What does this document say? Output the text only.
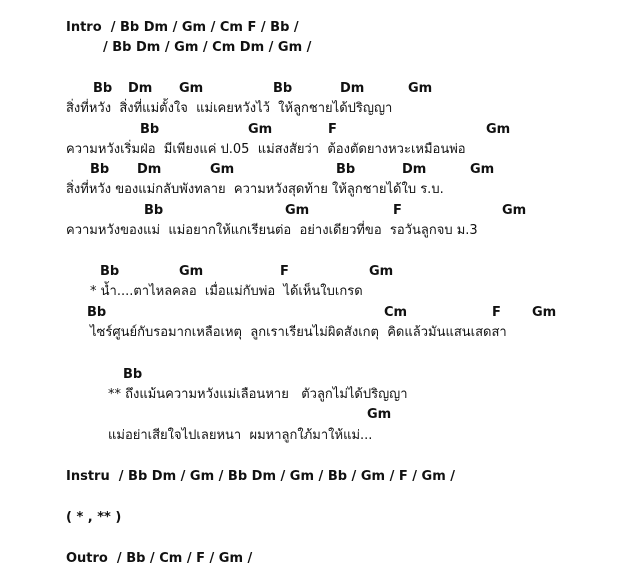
Intro  / Bb Dm / Gm / Cm F / Bb /
/ Bb Dm / Gm / Cm Dm / Gm /
Bb Dm Gm	Bb	Dm	Gm
สิ่งที่หวัง  สิ่งที่แม่ตั้งใจ  แม่เคยหวังไว้  ให้ลูกชายได้ปริญญา
Bb	Gm	F	Gm
ความหวังเริ่มฝ่อ  มีเพียงแค่ ป.05  แม่สงสัยว่า  ต้องตัดยางหวะเหมือนพ่อ
Bb Dm	Gm	Bb	Dm	Gm
สิ่งที่หวัง ของแม่กลับพังทลาย  ความหวังสุดท้าย ให้ลูกชายได้ใบ ร.บ.
Bb	Gm	F	Gm
ความหวังของแม่  แม่อยากให้แกเรียนต่อ  อย่างเดียวที่ขอ  รอวันลูกจบ ม.3
Bb	Gm	F	Gm
* น้ำ....ตาไหลคลอ  เมื่อแม่กับพ่อ  ได้เห็นใบเกรด
Bb	Cm	F Gm
ไซร์ศูนย์กับรอมากเหลือเหตุ  ลูกเราเรียนไม่ผิดสังเกตุ  คิดแล้วมันแสนเสดสา
Bb
** ถึงแม้นความหวังแม่เลือนหาย   ตัวลูกไม่ได้ปริญญา
Gm
แม่อย่าเสียใจไปเลยหนา  ผมหาลูกใภ้มาให้แม่...
Instru  / Bb Dm / Gm / Bb Dm / Gm / Bb / Gm / F / Gm /
( * , ** )
Outro  / Bb / Cm / F / Gm /
